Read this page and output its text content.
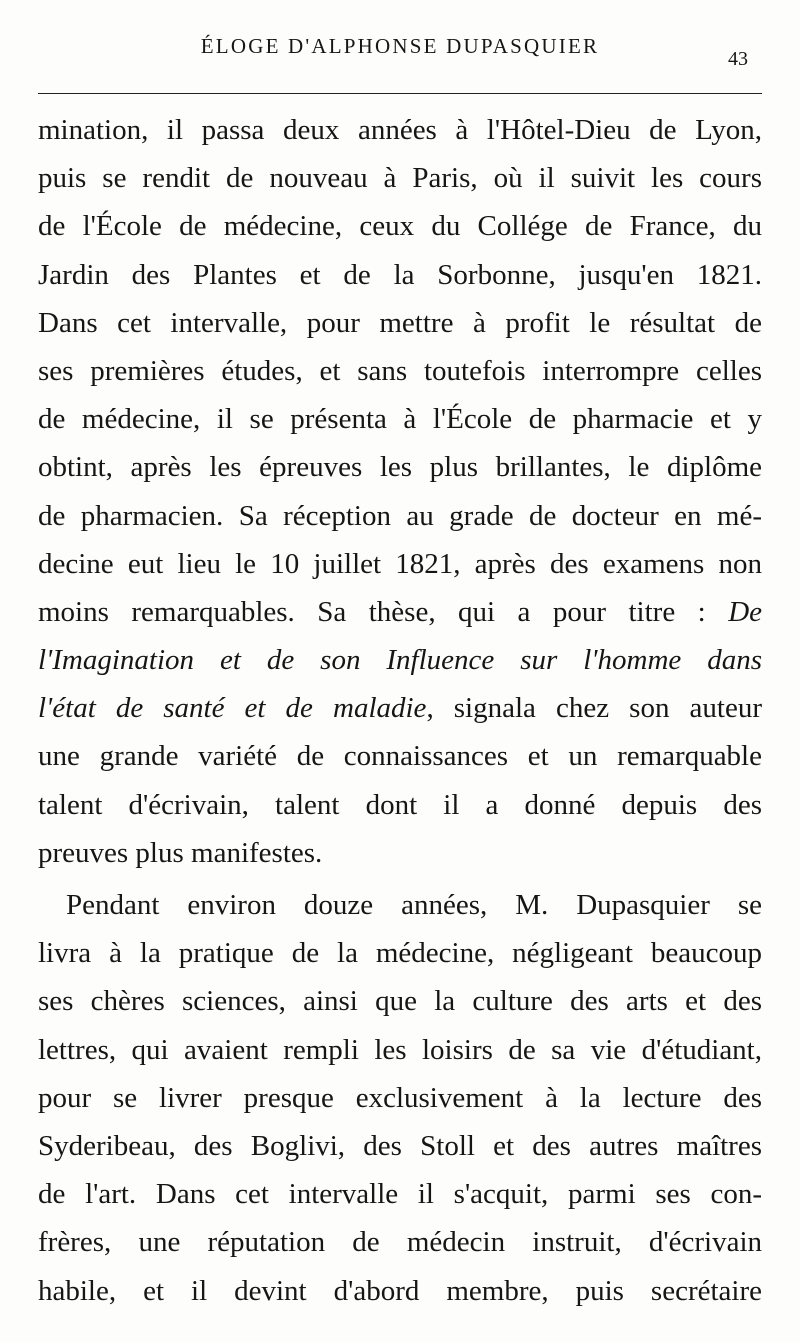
ÉLOGE D'ALPHONSE DUPASQUIER
43
mination, il passa deux années à l'Hôtel-Dieu de Lyon,
puis se rendit de nouveau à Paris, où il suivit les cours
de l'École de médecine, ceux du Collége de France, du
Jardin des Plantes et de la Sorbonne, jusqu'en 1821.
Dans cet intervalle, pour mettre à profit le résultat de
ses premières études, et sans toutefois interrompre celles
de médecine, il se présenta à l'École de pharmacie et y
obtint, après les épreuves les plus brillantes, le diplôme
de pharmacien. Sa réception au grade de docteur en mé-
decine eut lieu le 10 juillet 1821, après des examens non
moins remarquables. Sa thèse, qui a pour titre : De
l'Imagination et de son Influence sur l'homme dans
l'état de santé et de maladie, signala chez son auteur
une grande variété de connaissances et un remarquable
talent d'écrivain, talent dont il a donné depuis des
preuves plus manifestes.
Pendant environ douze années, M. Dupasquier se
livra à la pratique de la médecine, négligeant beaucoup
ses chères sciences, ainsi que la culture des arts et des
lettres, qui avaient rempli les loisirs de sa vie d'étudiant,
pour se livrer presque exclusivement à la lecture des
Syderibeau, des Boglivi, des Stoll et des autres maîtres
de l'art. Dans cet intervalle il s'acquit, parmi ses con-
frères, une réputation de médecin instruit, d'écrivain
habile, et il devint d'abord membre, puis secrétaire
